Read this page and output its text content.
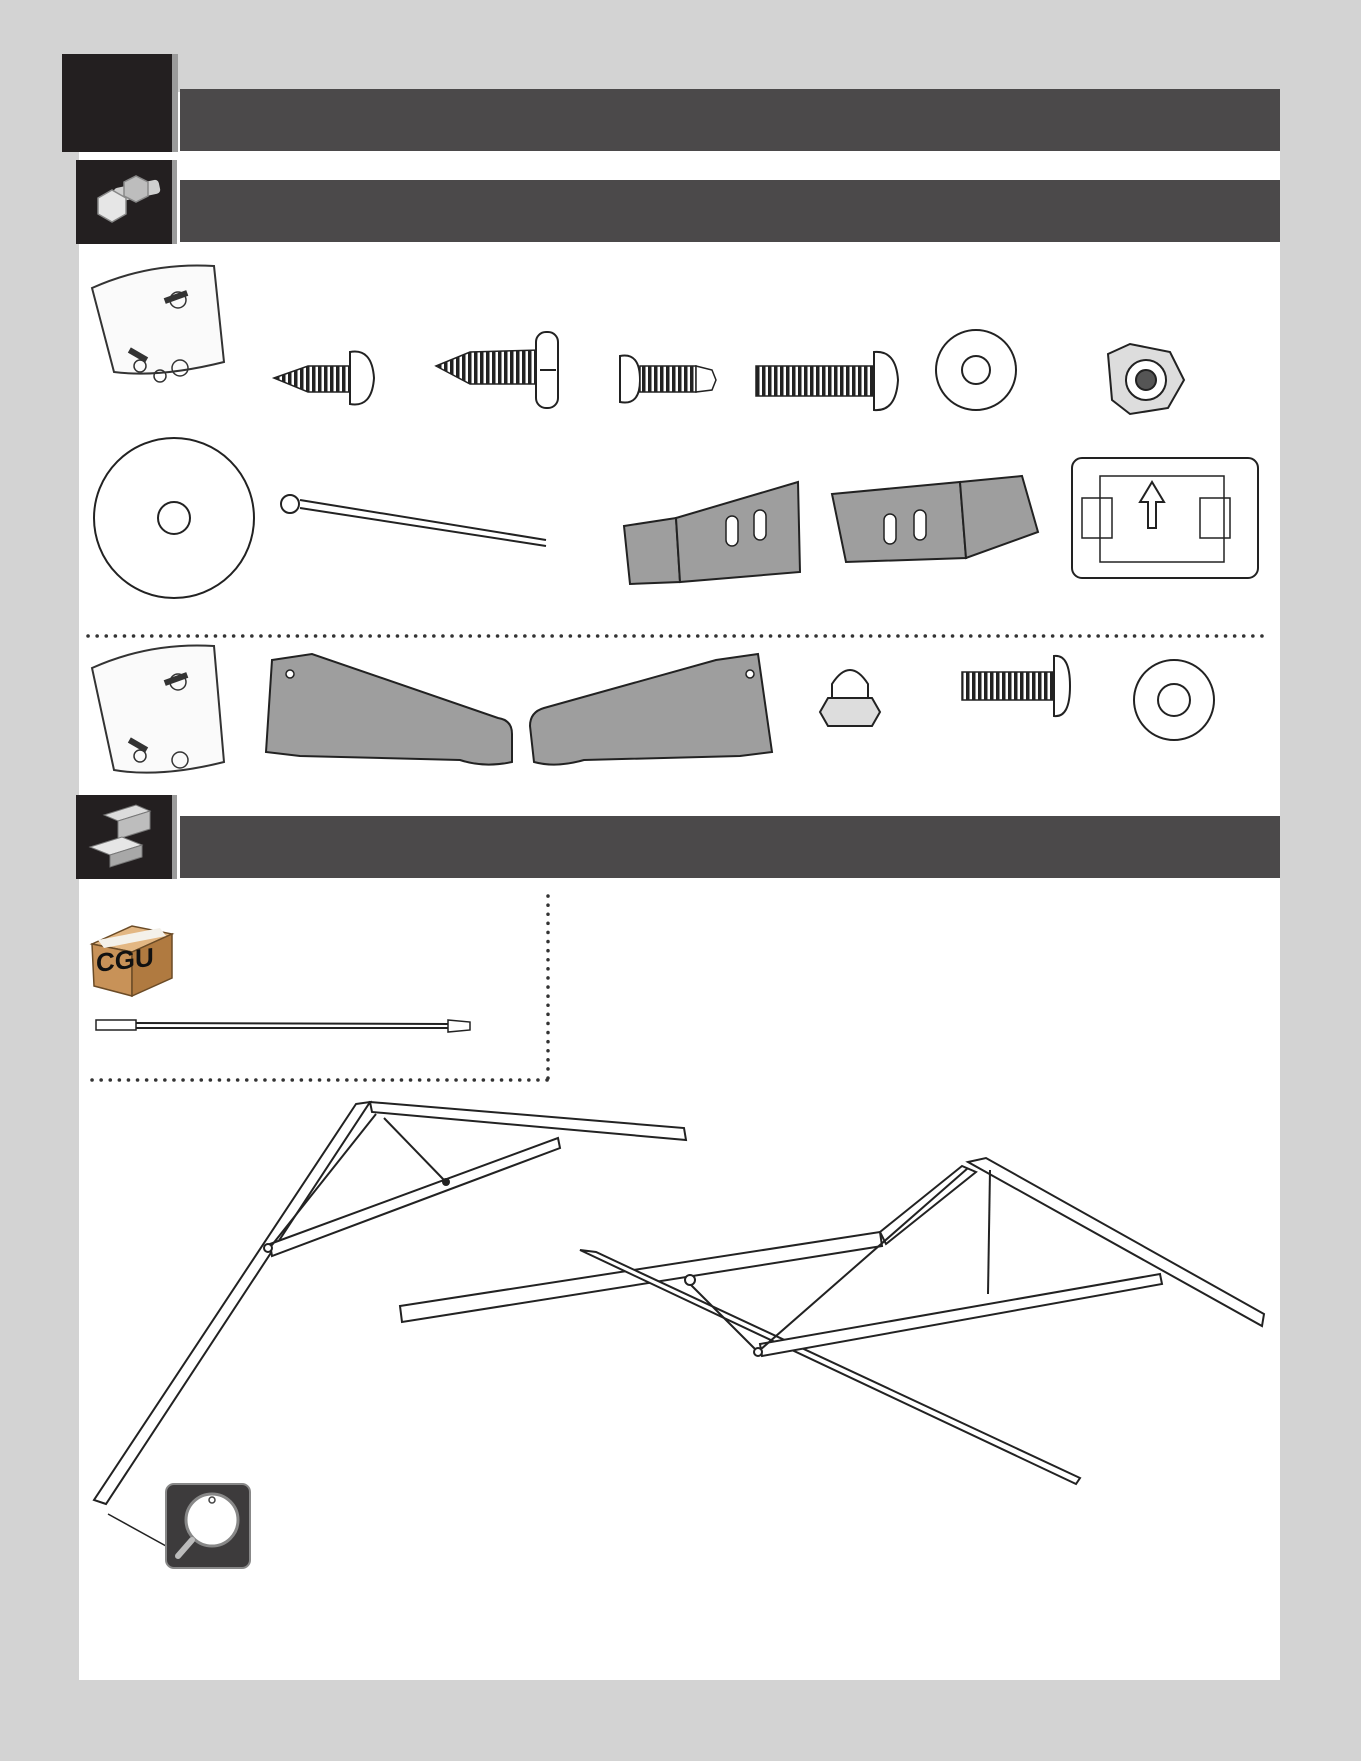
CGU
